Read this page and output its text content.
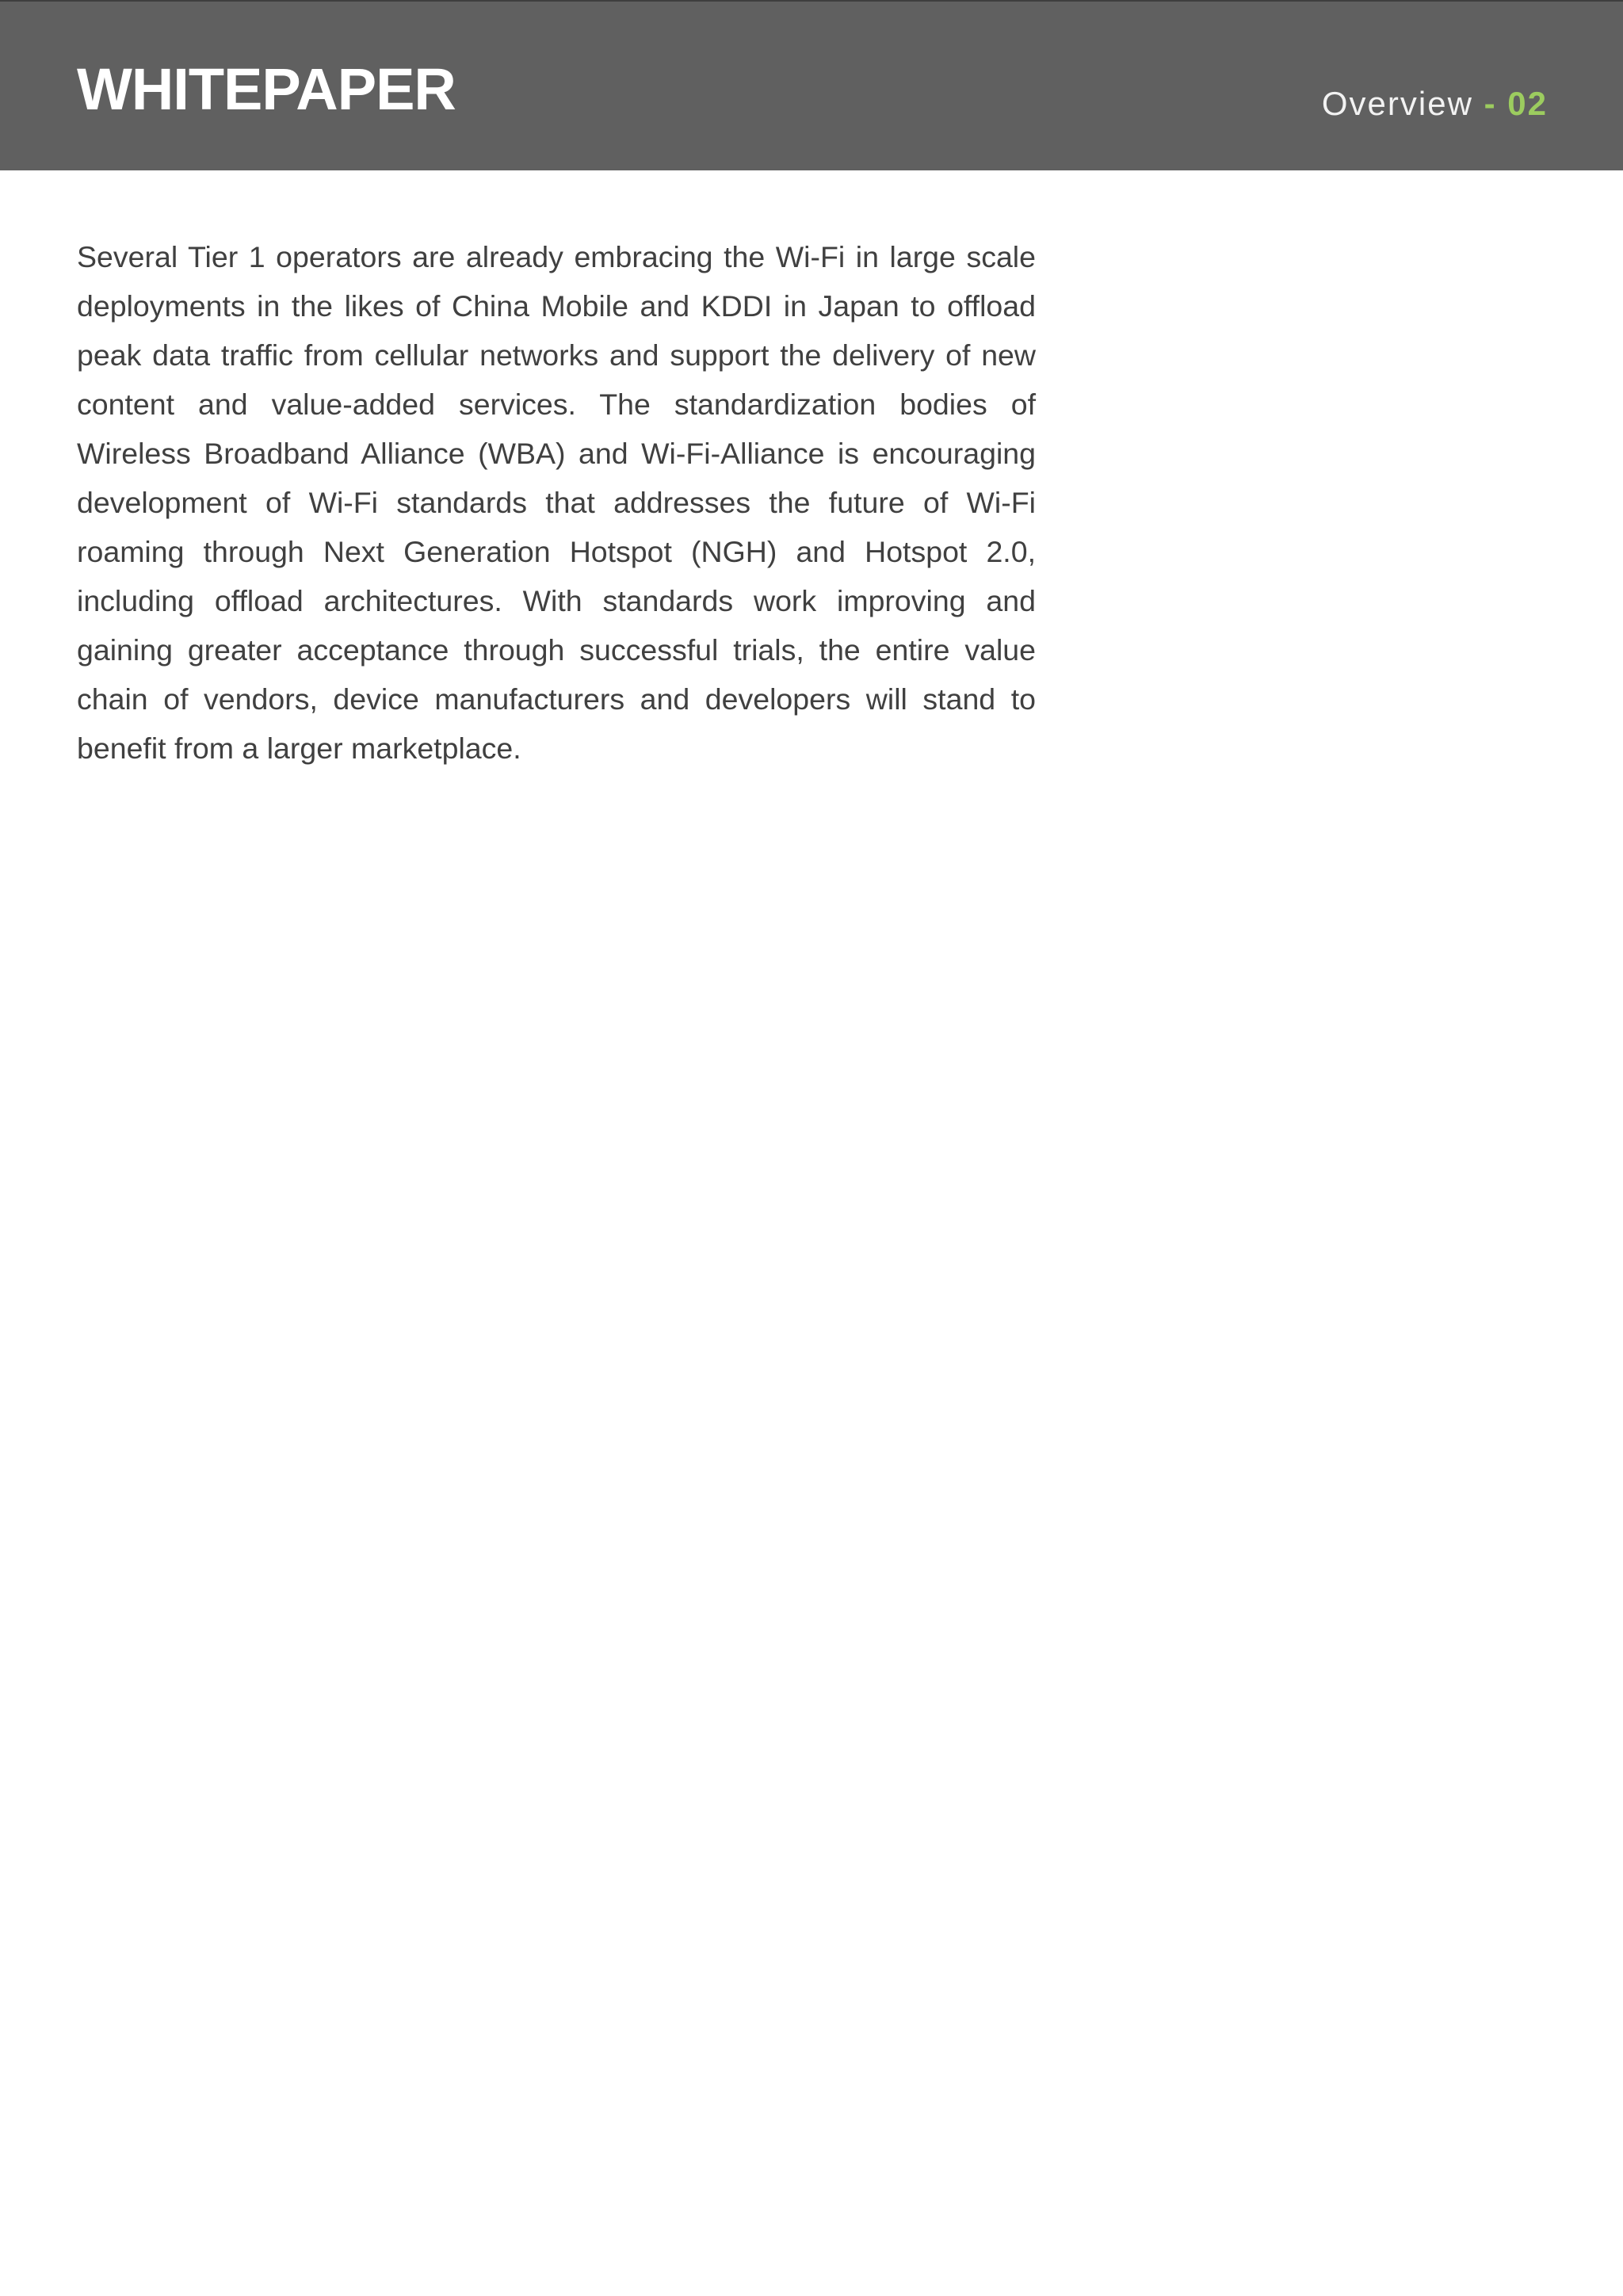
WHITEPAPER	Overview - 02

Several Tier 1 operators are already embracing the Wi-Fi in large scale deployments in the likes of China Mobile and KDDI in Japan to offload peak data traffic from cellular networks and support the delivery of new content and value-added services. The standardization bodies of Wireless Broadband Alliance (WBA) and Wi-Fi-Alliance is encouraging development of Wi-Fi standards that addresses the future of Wi-Fi roaming through Next Generation Hotspot (NGH) and Hotspot 2.0, including offload architectures. With standards work improving and gaining greater acceptance through successful trials, the entire value chain of vendors, device manufacturers and developers will stand to benefit from a larger marketplace.
